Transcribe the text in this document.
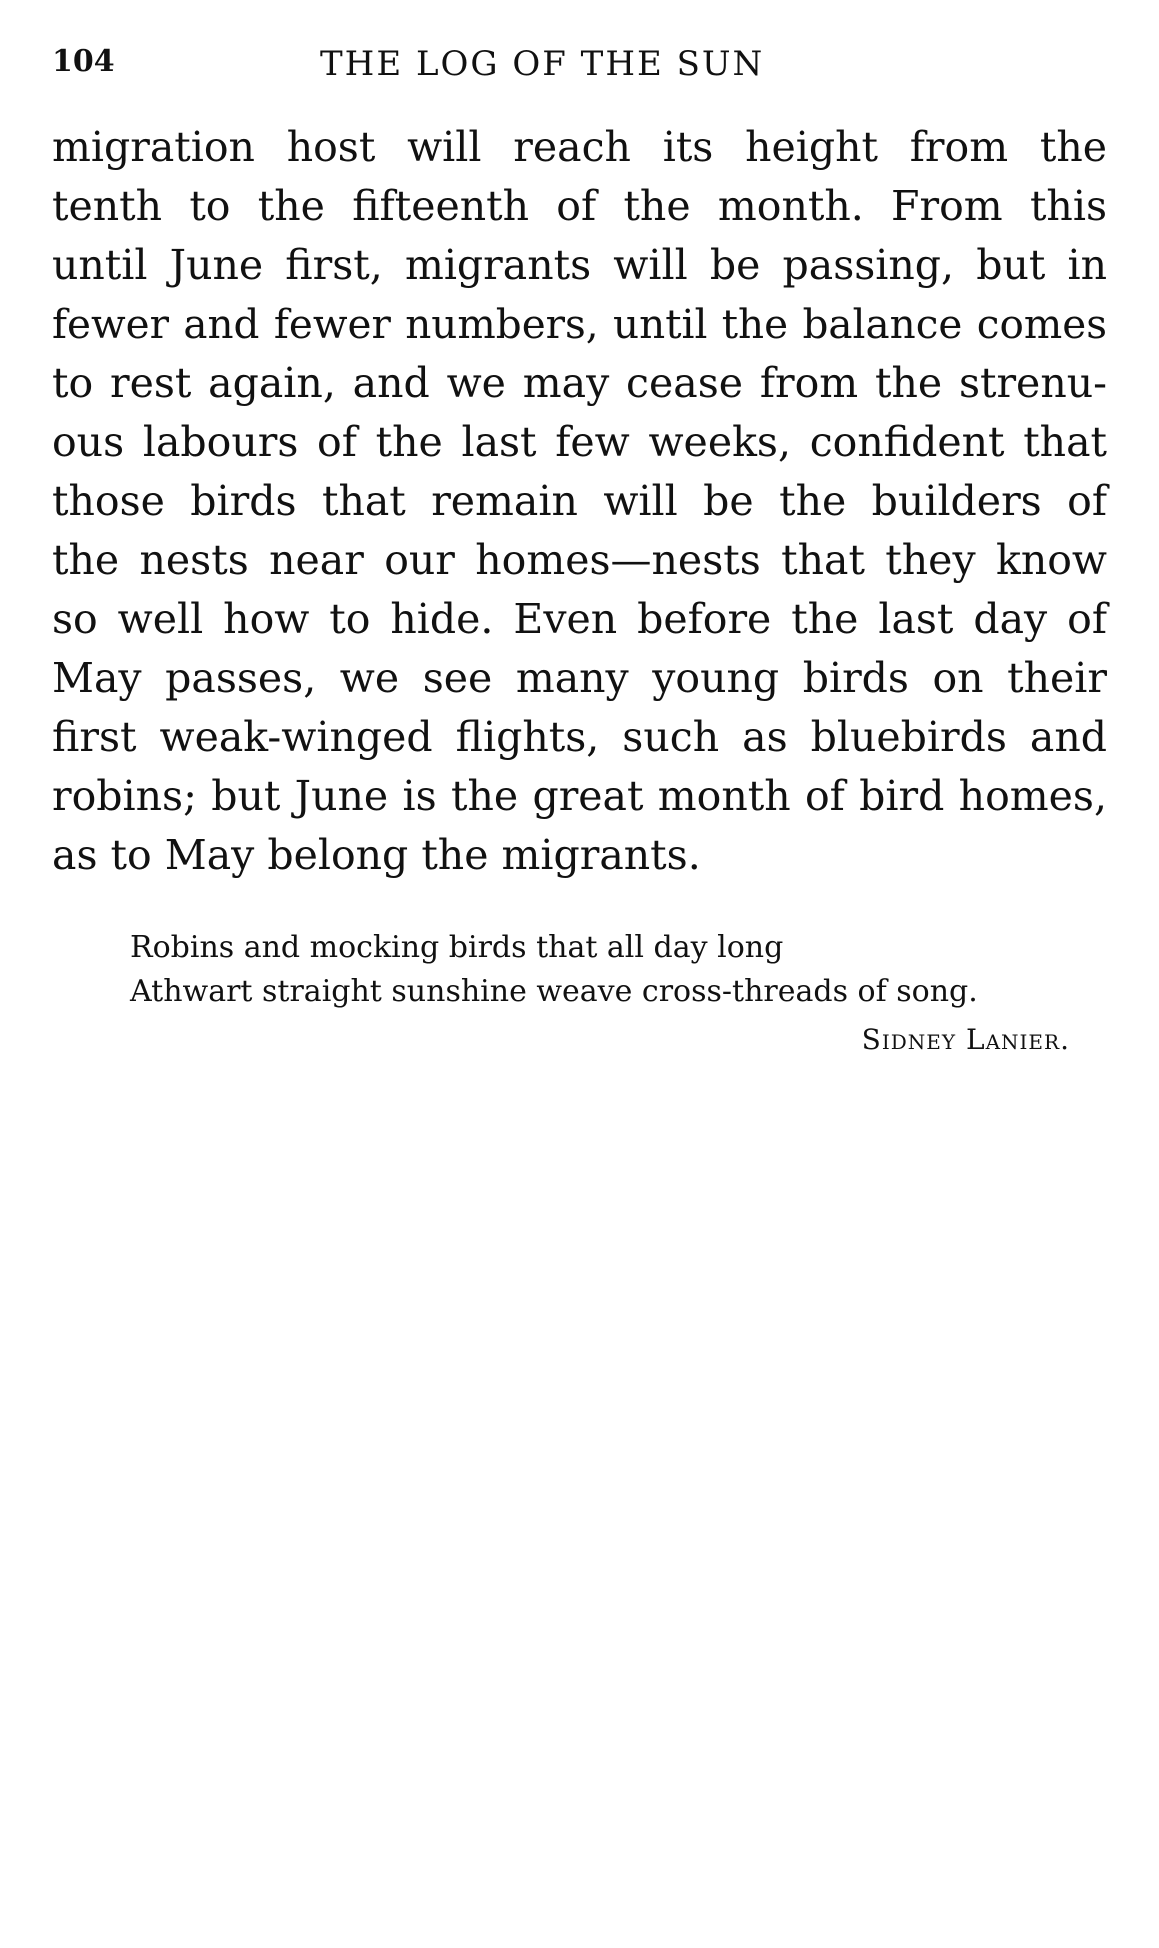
104	THE LOG OF THE SUN
migration host will reach its height from the
tenth to the fifteenth of the month. From this
until June first, migrants will be passing, but in
fewer and fewer numbers, until the balance comes
to rest again, and we may cease from the strenu-
ous labours of the last few weeks, confident that
those birds that remain will be the builders of
the nests near our homes—nests that they know
so well how to hide. Even before the last day of
May passes, we see many young birds on their
first weak-winged flights, such as bluebirds and
robins; but June is the great month of bird homes,
as to May belong the migrants.
Robins and mocking birds that all day long
Athwart straight sunshine weave cross-threads of song.
Sidney Lanier.
